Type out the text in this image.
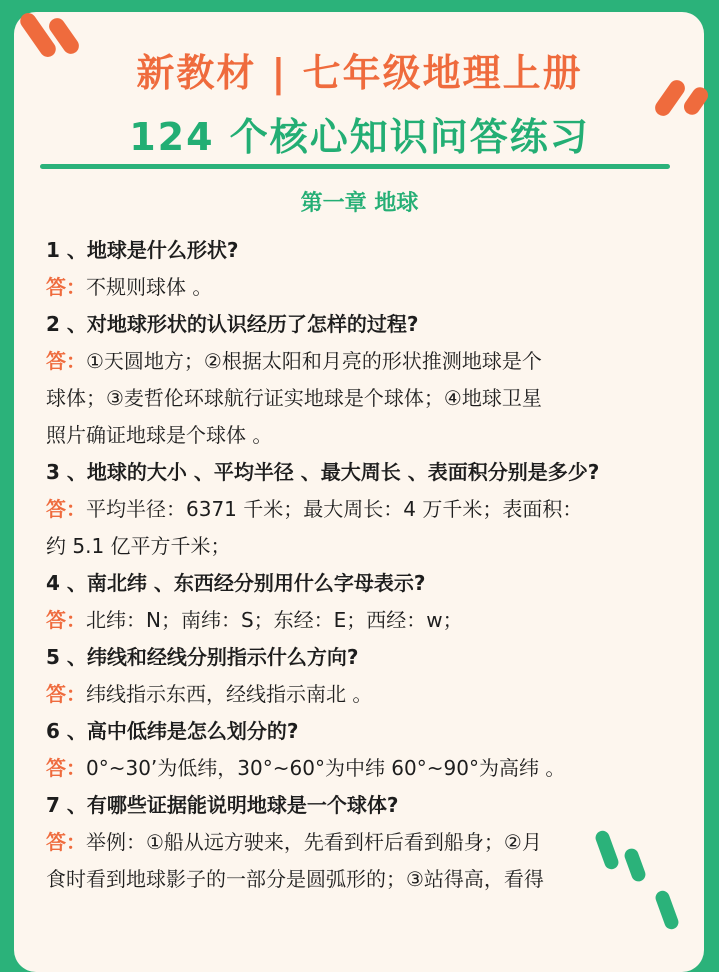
新教材 | 七年级地理上册
124 个核心知识问答练习
第一章 地球

1 、地球是什么形状?

答：不规则球体 。

2 、对地球形状的认识经历了怎样的过程?

答：①天圆地方；②根据太阳和月亮的形状推测地球是个

球体；③麦哲伦环球航行证实地球是个球体；④地球卫星

照片确证地球是个球体 。

3 、地球的大小 、平均半径 、最大周长 、表面积分别是多少?

答：平均半径：6371 千米；最大周长：4 万千米；表面积：

约 5.1 亿平方千米；

4 、南北纬 、东西经分别用什么字母表示?

答：北纬：N；南纬：S；东经：E；西经：w；

5 、纬线和经线分别指示什么方向?

答：纬线指示东西，经线指示南北 。

6 、高中低纬是怎么划分的?

答：0°~30’为低纬，30°~60°为中纬 60°~90°为高纬 。

7 、有哪些证据能说明地球是一个球体?

答：举例：①船从远方驶来，先看到杆后看到船身；②月

食时看到地球影子的一部分是圆弧形的；③站得高，看得
